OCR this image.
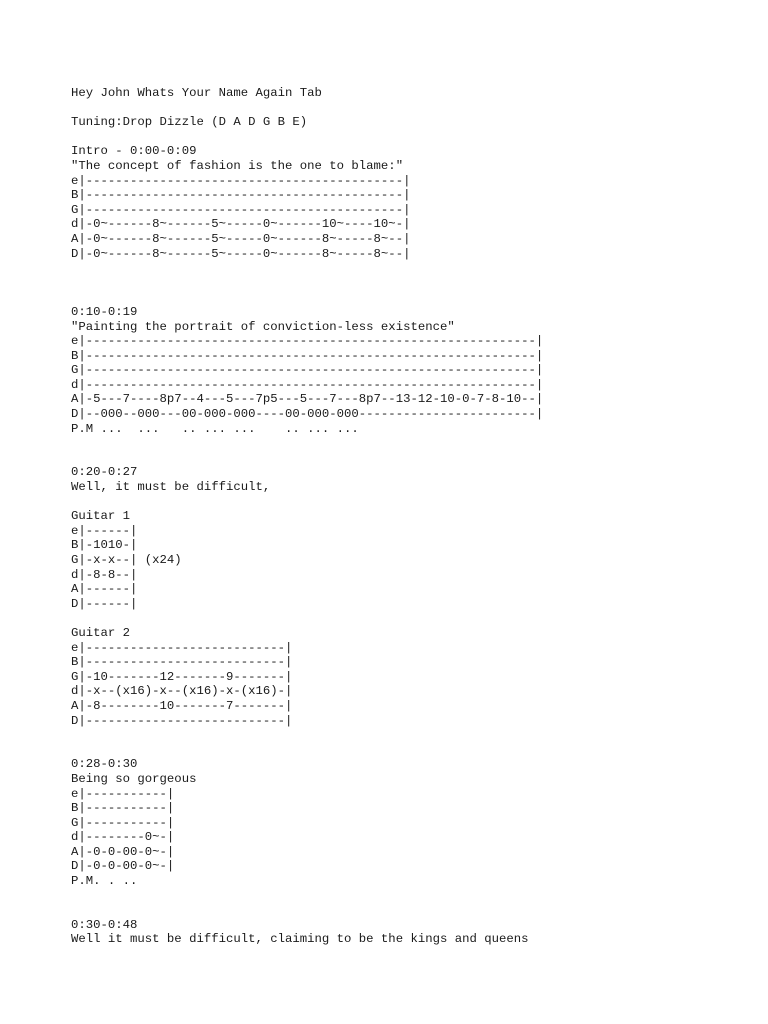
Hey John Whats Your Name Again Tab
Tuning:Drop Dizzle (D A D G B E)
Intro - 0:00-0:09
"The concept of fashion is the one to blame:"
e|-------------------------------------------|
B|-------------------------------------------|
G|-------------------------------------------|
d|-0~------8~------5~-----0~------10~----10~-|
A|-0~------8~------5~-----0~------8~-----8~--|
D|-0~------8~------5~-----0~------8~-----8~--|
0:10-0:19
"Painting the portrait of conviction-less existence"
e|-------------------------------------------------------------|
B|-------------------------------------------------------------|
G|-------------------------------------------------------------|
d|-------------------------------------------------------------|
A|-5---7----8p7--4---5---7p5---5---7---8p7--13-12-10-0-7-8-10--|
D|--000--000---00-000-000----00-000-000------------------------|
P.M ...  ...   .. ... ...    .. ... ...
0:20-0:27
Well, it must be difficult,

Guitar 1
e|------|
B|-1010-|
G|-x-x--| (x24)
d|-8-8--|
A|------|
D|------|

Guitar 2
e|---------------------------|
B|---------------------------|
G|-10-------12-------9-------|
d|-x--(x16)-x--(x16)-x-(x16)-|
A|-8--------10-------7-------|
D|---------------------------|
0:28-0:30
Being so gorgeous
e|-----------|
B|-----------|
G|-----------|
d|--------0~-|
A|-0-0-00-0~-|
D|-0-0-00-0~-|
P.M. . ..
0:30-0:48
Well it must be difficult, claiming to be the kings and queens
